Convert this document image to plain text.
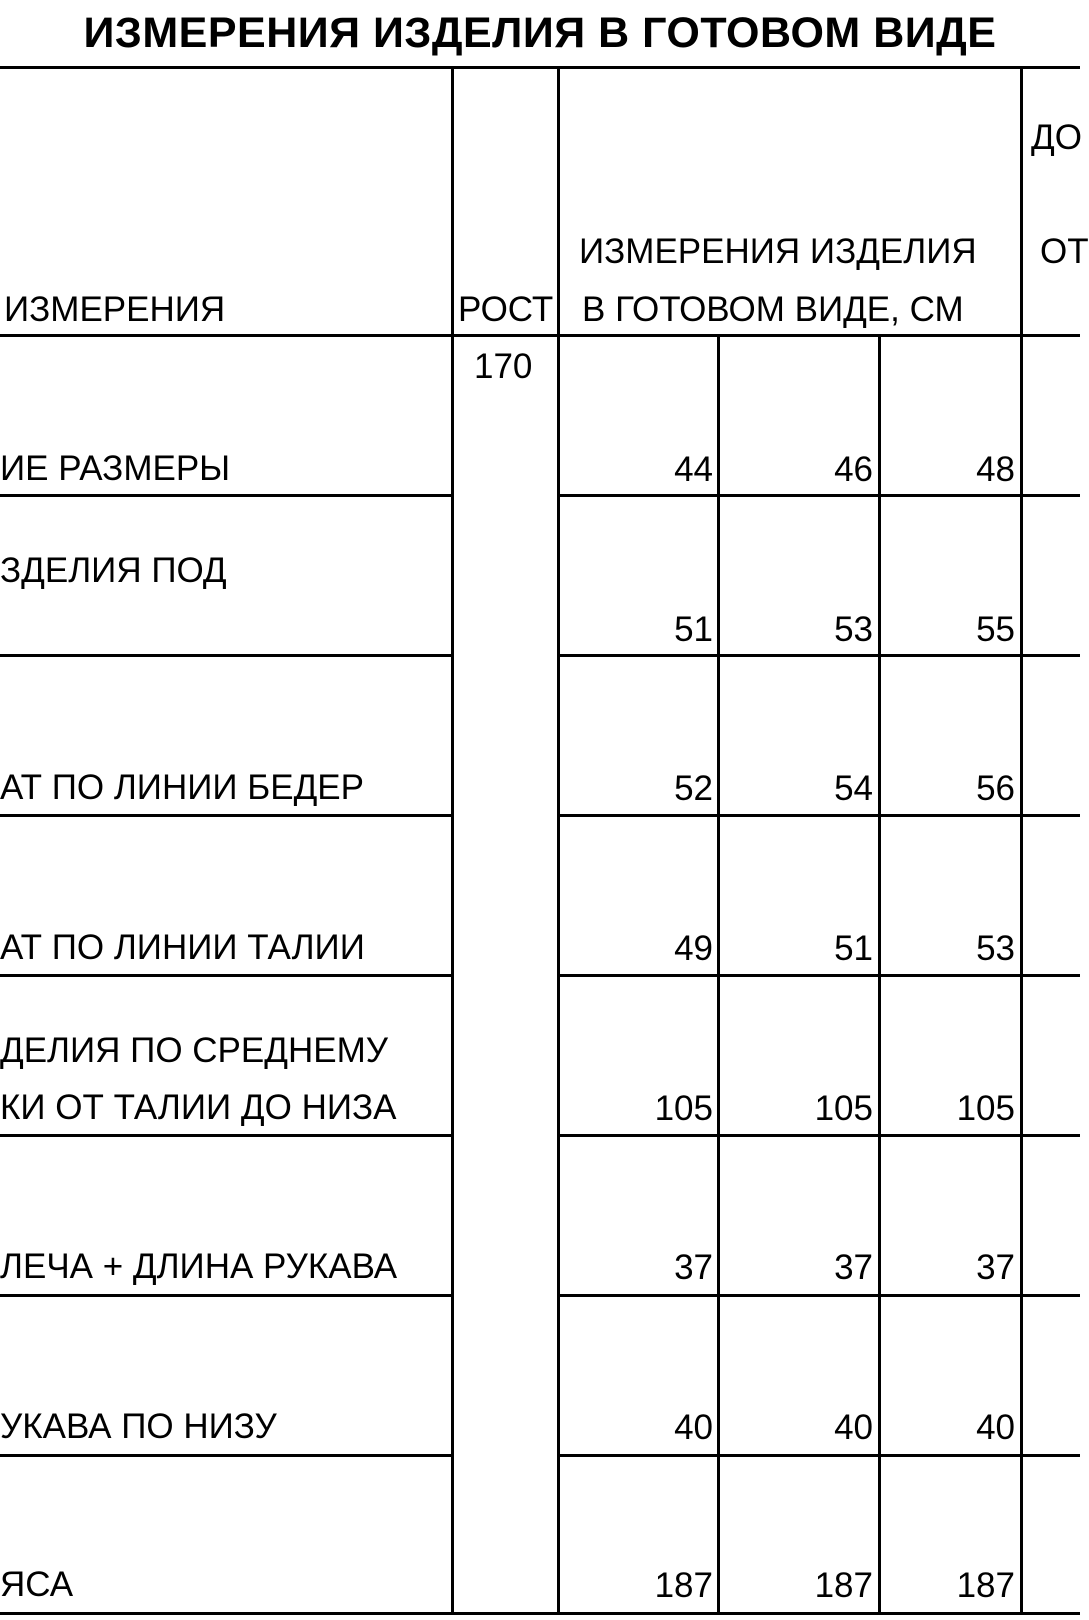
ИЗМЕРЕНИЯ ИЗДЕЛИЯ В ГОТОВОМ ВИДЕ
ИЗМЕРЕНИЯ	РОСТ
ИЗМЕРЕНИЯ ИЗДЕЛИЯ
В ГОТОВОМ ВИДЕ, СМ
ДО
ОТ
170
ИЕ РАЗМЕРЫ	44	46	48
ЗДЕЛИЯ ПОД
51	53	55
АТ ПО ЛИНИИ БЕДЕР	52	54	56
АТ ПО ЛИНИИ ТАЛИИ	49	51	53
ДЕЛИЯ ПО СРЕДНЕМУ
КИ ОТ ТАЛИИ ДО НИЗА	105	105	105
ЛЕЧА + ДЛИНА РУКАВА	37	37	37
УКАВА ПО НИЗУ	40	40	40
ЯСА	187	187	187
